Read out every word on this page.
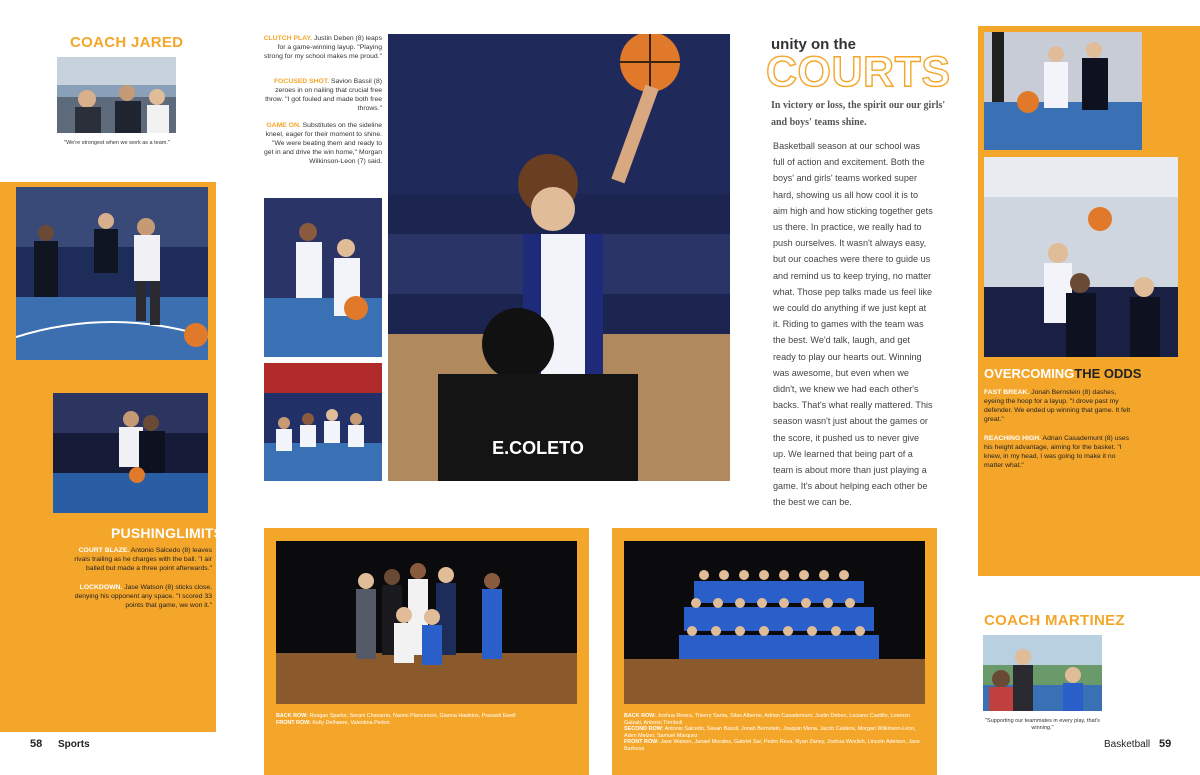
COACH JARED
"We're strongest when we work as a team."
PUSHINGLIMITS
COURT BLAZE. Antonio Salcedo (8) leaves rivals trailing as he charges with the ball. "I air balled but made a three point afterwards."
LOCKDOWN. Jase Watson (8) sticks close, denying his opponent any space. "I scored 33 points that game, we won it."
CLUTCH PLAY. Justin Deben (8) leaps for a game-winning layup. "Playing strong for my school makes me proud."
FOCUSED SHOT. Savion Bassil (8) zeroes in on nailing that crucial free throw. "I got fouled and made both free throws."
GAME ON. Substitutes on the sideline kneel, eager for their moment to shine. "We were beating them and ready to get in and drive the win home," Morgan Wilkinson-Leon (7) said.
E.COLETO
BACK ROW: Reagan Sparks, Serani Chavarria, Naomi Plancencio, Gianna Hawkins, Prasasti Ewell
FRONT ROW: Kelly Delhaere, Valentina Pedon
58 Sports
BACK ROW: Joshua Rivera, Thierry Santa, Silas Alberne, Adrian Casademunt, Justin Deben, Luciano Castillo, Lorenzo Galzati, Antonio Trimboli
SECOND ROW: Antonio Salcedo, Savan Bassil, Jonah Bernstein, Joaquin Mena, Jacob Caldera, Morgan Wilkinson-Leon, Aden Melzer, Samuel Marquez
FRONT ROW: Jase Watson, Janael Morales, Gabriel Sar, Pedro Reva, Ryan Zaney, Joshua Wexlish, Lincoln Adelson, Jase Barbosa
unity on the
COURTS
In victory or loss, the spirit our our girls' and boys' teams shine.
Basketball season at our school was full of action and excitement. Both the boys' and girls' teams worked super hard, showing us all how cool it is to aim high and how sticking together gets us there. In practice, we really had to push ourselves. It wasn't always easy, but our coaches were there to guide us and remind us to keep trying, no matter what. Those pep talks made us feel like we could do anything if we just kept at it. Riding to games with the team was the best. We'd talk, laugh, and get ready to play our hearts out. Winning was awesome, but even when we didn't, we knew we had each other's backs. That's what really mattered. This season wasn't just about the games or the score, it pushed us to never give up. We learned that being part of a team is about more than just playing a game. It's about helping each other be the best we can be.
OVERCOMINGTHE ODDS
FAST BREAK. Jonah Bernstein (8) dashes, eyeing the hoop for a layup. "I drove past my defender. We ended up winning that game. It felt great."
REACHING HIGH. Adrian Casademunt (8) uses his height advantage, aiming for the basket. "I knew, in my head, I was going to make it no matter what."
COACH MARTINEZ
"Supporting our teammates in every play, that's winning."
Basketball 59
